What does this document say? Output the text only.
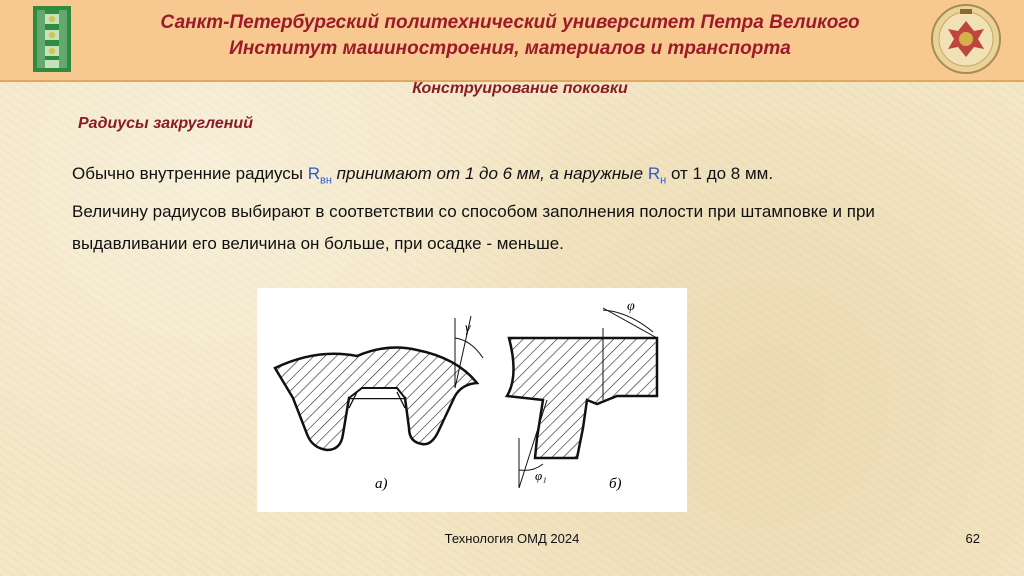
Санкт-Петербургский политехнический университет Петра Великого
Институт машиностроения, материалов и транспорта
Конструирование поковки
Радиусы закруглений
Обычно внутренние радиусы $R_{вн}$ принимают от 1 до 6 мм, а наружные $R_н$ от 1 до 8 мм.
Величину радиусов выбирают в соответствии со способом заполнения полости при штамповке и при выдавливании его величина он больше, при осадке - меньше.
γ
а)
φ
φ₁
б)
Технология ОМД 2024	62
